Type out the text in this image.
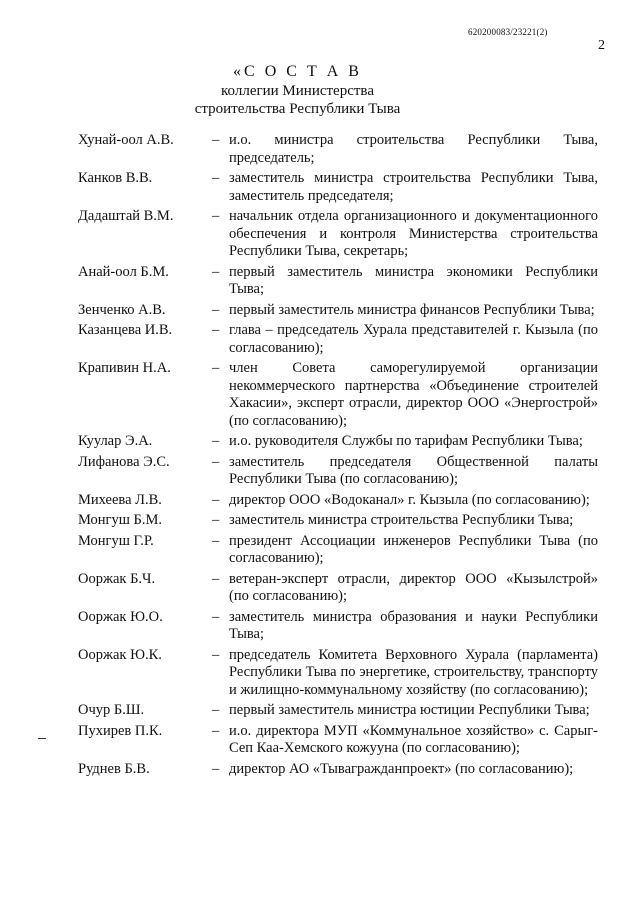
620200083/23221(2)
2
«С О С Т А В
коллегии Министерства
строительства Республики Тыва
Хунай-оол А.В.	– и.о. министра строительства Республики Тыва, председатель;
Канков В.В.	– заместитель министра строительства Республики Тыва, заместитель председателя;
Дадаштай В.М.	– начальник отдела организационного и документационного обеспечения и контроля Министерства строительства Республики Тыва, секретарь;
Анай-оол Б.М.	– первый заместитель министра экономики Республики Тыва;
Зенченко А.В.	– первый заместитель министра финансов Республики Тыва;
Казанцева И.В.	– глава – председатель Хурала представителей г. Кызыла (по согласованию);
Крапивин Н.А.	– член Совета саморегулируемой организации некоммерческого партнерства «Объединение строителей Хакасии», эксперт отрасли, директор ООО «Энергострой» (по согласованию);
Куулар Э.А.	– и.о. руководителя Службы по тарифам Республики Тыва;
Лифанова Э.С.	– заместитель председателя Общественной палаты Республики Тыва (по согласованию);
Михеева Л.В.	– директор ООО «Водоканал» г. Кызыла (по согласованию);
Монгуш Б.М.	– заместитель министра строительства Республики Тыва;
Монгуш Г.Р.	– президент Ассоциации инженеров Республики Тыва (по согласованию);
Ооржак Б.Ч.	– ветеран-эксперт отрасли, директор ООО «Кызылстрой» (по согласованию);
Ооржак Ю.О.	– заместитель министра образования и науки Республики Тыва;
Ооржак Ю.К.	– председатель Комитета Верховного Хурала (парламента) Республики Тыва по энергетике, строительству, транспорту и жилищно-коммунальному хозяйству (по согласованию);
Очур Б.Ш.	– первый заместитель министра юстиции Республики Тыва;
Пухирев П.К.	– и.о. директора МУП «Коммунальное хозяйство» с. Сарыг-Сеп Каа-Хемского кожууна (по согласованию);
Руднев Б.В.	– директор АО «Тывагражданпроект» (по согласованию);
